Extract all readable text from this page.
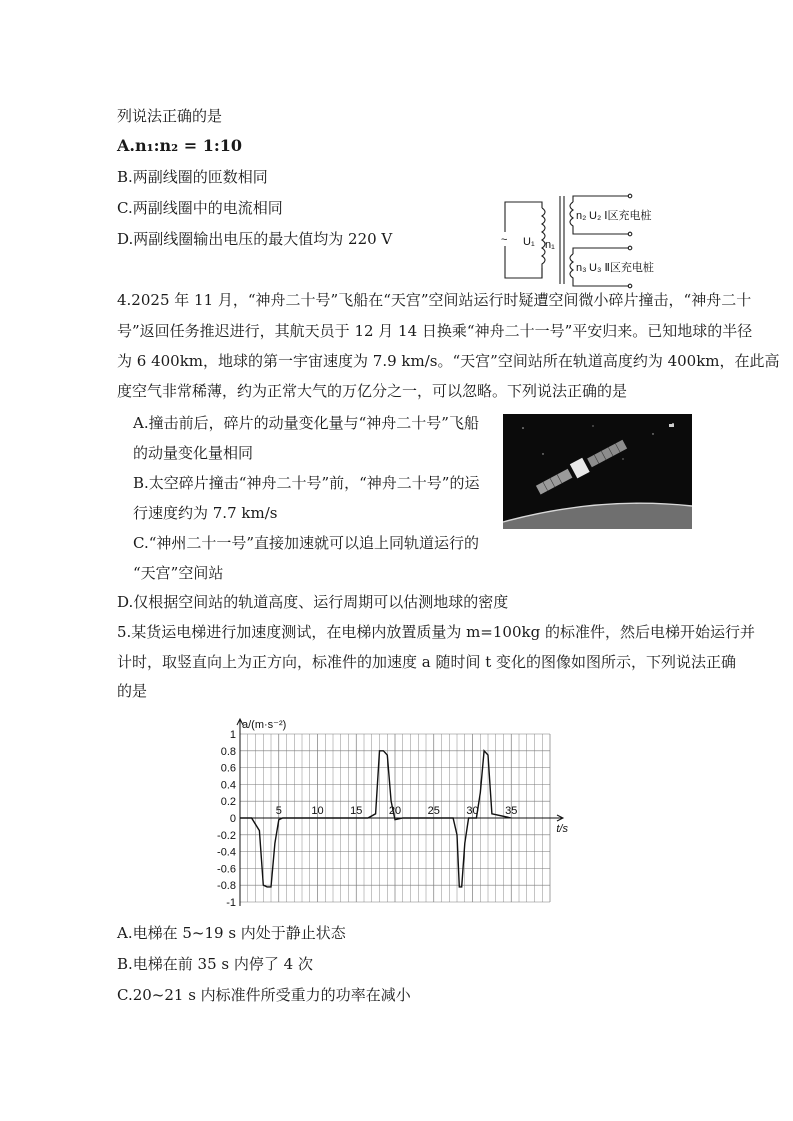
列说法正确的是
A.n₁:n₂ = 1:10
B.两副线圈的匝数相同
C.两副线圈中的电流相同
D.两副线圈输出电压的最大值均为 220 V	~ U₁ n₁
n₂
n₃
U₂ Ⅰ区充电桩
U₃ Ⅱ区充电桩
4.2025 年 11 月，“神舟二十号”飞船在“天宫”空间站运行时疑遭空间微小碎片撞击，“神舟二十
号”返回任务推迟进行，其航天员于 12 月 14 日换乘“神舟二十一号”平安归来。已知地球的半径
为 6 400km，地球的第一宇宙速度为 7.9 km/s。“天宫”空间站所在轨道高度约为 400km，在此高
度空气非常稀薄，约为正常大气的万亿分之一，可以忽略。下列说法正确的是
A.撞击前后，碎片的动量变化量与“神舟二十号”飞船
的动量变化量相同
B.太空碎片撞击“神舟二十号”前，“神舟二十号”的运
行速度约为 7.7 km/s
C.“神州二十一号”直接加速就可以追上同轨道运行的
“天宫”空间站
D.仅根据空间站的轨道高度、运行周期可以估测地球的密度
5.某货运电梯进行加速度测试，在电梯内放置质量为 m=100kg 的标准件，然后电梯开始运行并
计时，取竖直向上为正方向，标准件的加速度 a 随时间 t 变化的图像如图所示，下列说法正确
的是
5	10 15 20 25 30 35
1
0.8
0.6
0.4
0.2
0
-0.2
-0.4
-0.6
-0.8
-1
a/(m·s⁻²)
t/s
A.电梯在 5~19 s 内处于静止状态
B.电梯在前 35 s 内停了 4 次
C.20~21 s 内标准件所受重力的功率在减小
